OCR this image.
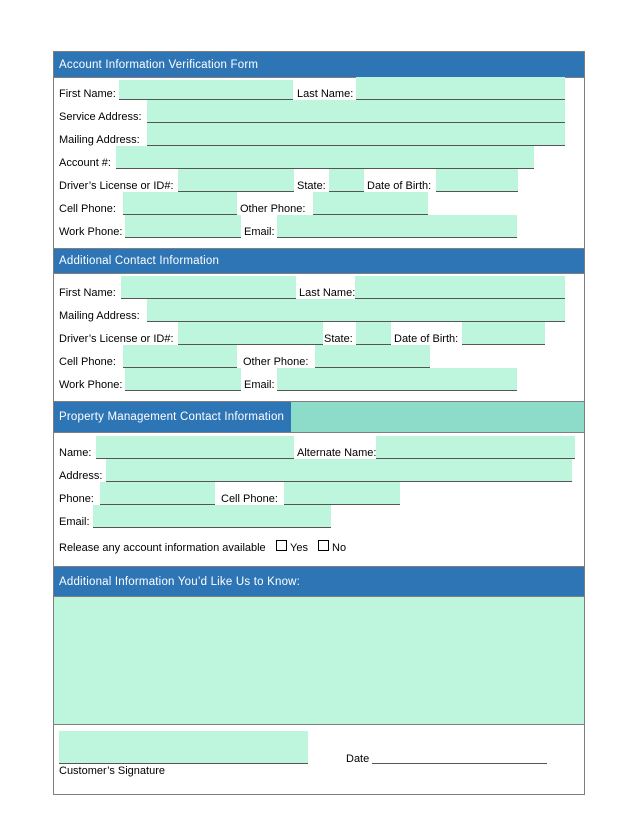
Account Information Verification Form
First Name:	Last Name:
Service Address:
Mailing Address:
Account #:
Driver’s License or ID#:	State:	Date of Birth:
Cell Phone:	Other Phone:
Work Phone:	Email:
Additional Contact Information
First Name:	Last Name:
Mailing Address:
Driver’s License or ID#:	State:	Date of Birth:
Cell Phone:	Other Phone:
Work Phone:	Email:
Property Management Contact Information
Name:	Alternate Name:
Address:
Phone:	Cell Phone:
Email:
Release any account information available Yes No
Additional Information You’d Like Us to Know:
Customer’s Signature
Date
